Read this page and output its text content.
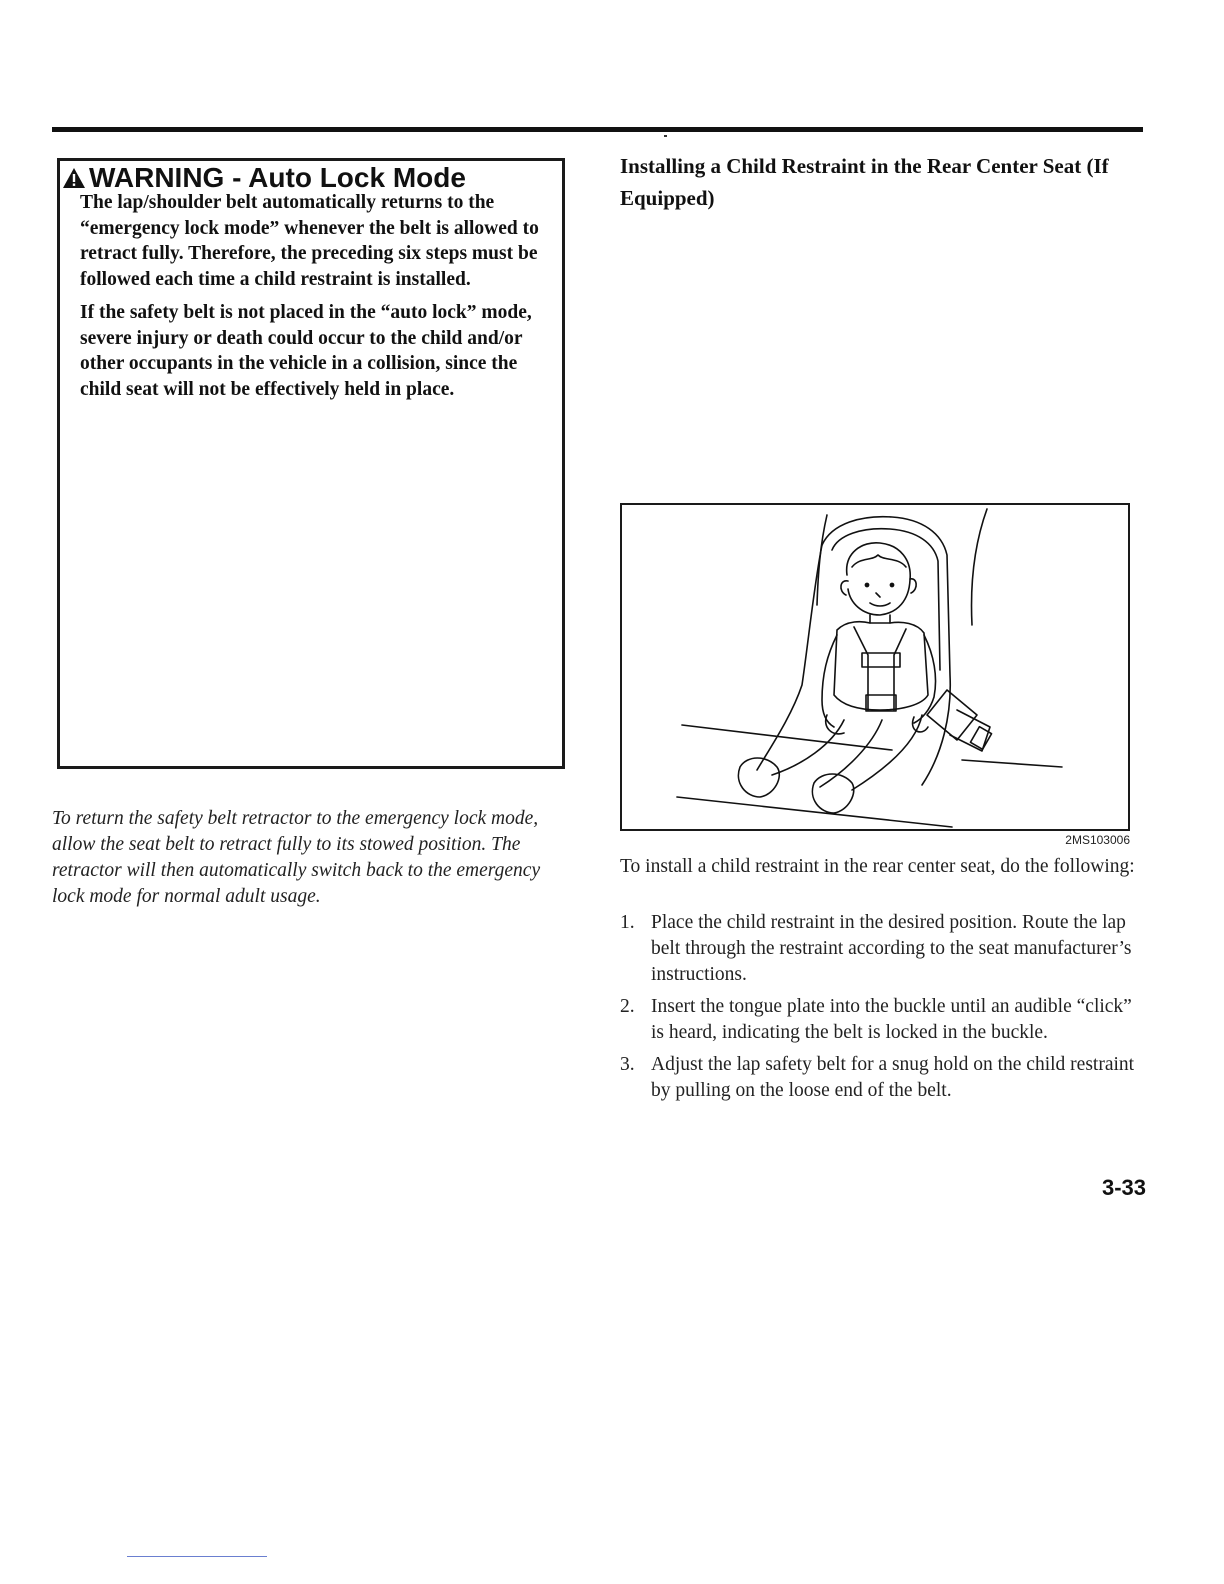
WARNING - Auto Lock Mode

The lap/shoulder belt automatically returns to the “emergency lock mode” whenever the belt is allowed to retract fully. Therefore, the preceding six steps must be followed each time a child restraint is installed.

If the safety belt is not placed in the “auto lock” mode, severe injury or death could occur to the child and/or other occupants in the vehicle in a collision, since the child seat will not be effectively held in place.

To return the safety belt retractor to the emergency lock mode, allow the seat belt to retract fully to its stowed position. The retractor will then automatically switch back to the emergency lock mode for normal adult usage.
Installing a Child Restraint in the Rear Center Seat (If Equipped)
2MS103006
To install a child restraint in the rear center seat, do the following:
1. Place the child restraint in the desired position. Route the lap belt through the restraint according to the seat manufacturer’s instructions.
2. Insert the tongue plate into the buckle until an audible “click” is heard, indicating the belt is locked in the buckle.
3. Adjust the lap safety belt for a snug hold on the child restraint by pulling on the loose end of the belt.
3-33
